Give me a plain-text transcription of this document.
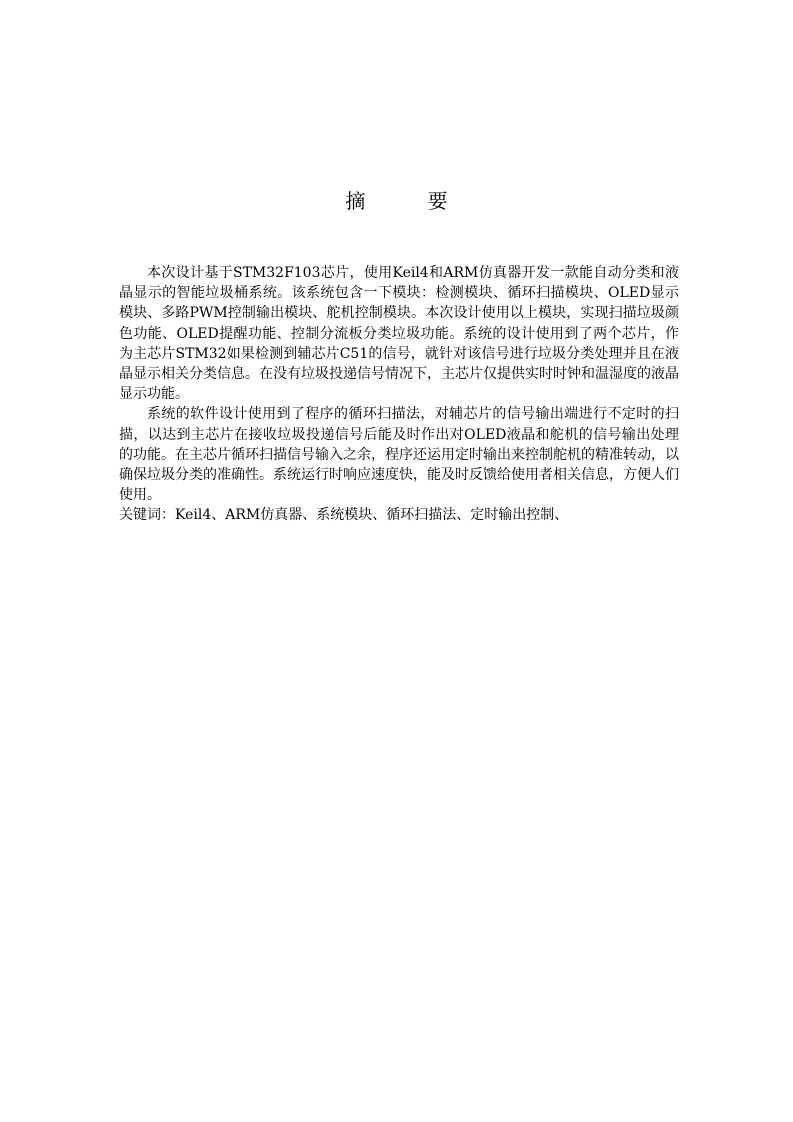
摘 要

本次设计基于STM32F103芯片，使用Keil4和ARM仿真器开发一款能自动分类和液晶显示的智能垃圾桶系统。该系统包含一下模块：检测模块、循环扫描模块、OLED显示模块、多路PWM控制输出模块、舵机控制模块。本次设计使用以上模块，实现扫描垃圾颜色功能、OLED提醒功能、控制分流板分类垃圾功能。系统的设计使用到了两个芯片，作为主芯片STM32如果检测到辅芯片C51的信号，就针对该信号进行垃圾分类处理并且在液晶显示相关分类信息。在没有垃圾投递信号情况下，主芯片仅提供实时时钟和温湿度的液晶显示功能。

系统的软件设计使用到了程序的循环扫描法，对辅芯片的信号输出端进行不定时的扫描，以达到主芯片在接收垃圾投递信号后能及时作出对OLED液晶和舵机的信号输出处理的功能。在主芯片循环扫描信号输入之余，程序还运用定时输出来控制舵机的精准转动，以确保垃圾分类的准确性。系统运行时响应速度快，能及时反馈给使用者相关信息，方便人们使用。

关键词：Keil4、ARM仿真器、系统模块、循环扫描法、定时输出控制、
